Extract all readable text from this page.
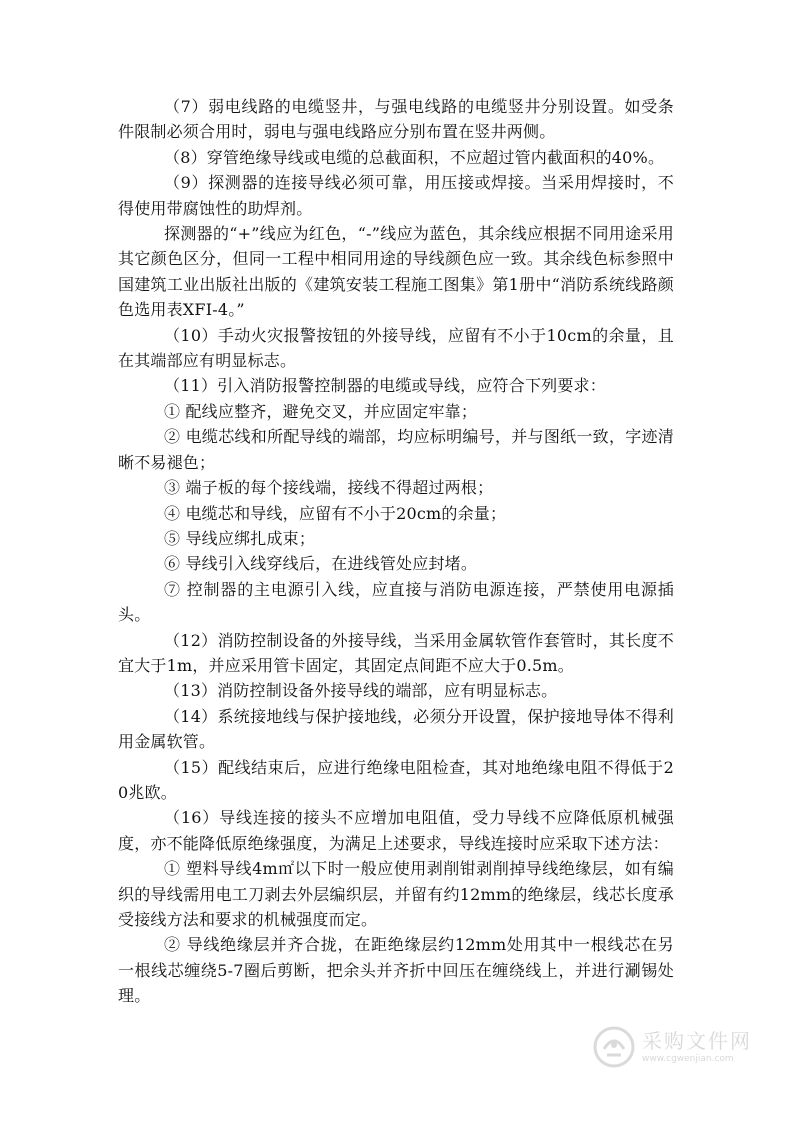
（7）弱电线路的电缆竖井，与强电线路的电缆竖井分别设置。如受条件限制必须合用时，弱电与强电线路应分别布置在竖井两侧。

（8）穿管绝缘导线或电缆的总截面积，不应超过管内截面积的40%。

（9）探测器的连接导线必须可靠，用压接或焊接。当采用焊接时，不得使用带腐蚀性的助焊剂。

探测器的“+”线应为红色，“-”线应为蓝色，其余线应根据不同用途采用其它颜色区分，但同一工程中相同用途的导线颜色应一致。其余线色标参照中国建筑工业出版社出版的《建筑安装工程施工图集》第1册中“消防系统线路颜色选用表XFI-4。”

（10）手动火灾报警按钮的外接导线，应留有不小于10cm的余量，且在其端部应有明显标志。

（11）引入消防报警控制器的电缆或导线，应符合下列要求：

① 配线应整齐，避免交叉，并应固定牢靠；

② 电缆芯线和所配导线的端部，均应标明编号，并与图纸一致，字迹清晰不易褪色；

③ 端子板的每个接线端，接线不得超过两根；

④ 电缆芯和导线，应留有不小于20cm的余量；

⑤ 导线应绑扎成束；

⑥ 导线引入线穿线后，在进线管处应封堵。

⑦ 控制器的主电源引入线，应直接与消防电源连接，严禁使用电源插头。

（12）消防控制设备的外接导线，当采用金属软管作套管时，其长度不宜大于1m，并应采用管卡固定，其固定点间距不应大于0.5m。

（13）消防控制设备外接导线的端部，应有明显标志。

（14）系统接地线与保护接地线，必须分开设置，保护接地导体不得利用金属软管。

（15）配线结束后，应进行绝缘电阻检查，其对地绝缘电阻不得低于20兆欧。

（16）导线连接的接头不应增加电阻值，受力导线不应降低原机械强度，亦不能降低原绝缘强度，为满足上述要求，导线连接时应采取下述方法：

① 塑料导线4m㎡以下时一般应使用剥削钳剥削掉导线绝缘层，如有编织的导线需用电工刀剥去外层编织层，并留有约12mm的绝缘层，线芯长度承受接线方法和要求的机械强度而定。

② 导线绝缘层并齐合拢，在距绝缘层约12mm处用其中一根线芯在另一根线芯缠绕5-7圈后剪断，把余头并齐折中回压在缠绕线上，并进行涮锡处理。

采购文件网
www.cgwenjian.com
